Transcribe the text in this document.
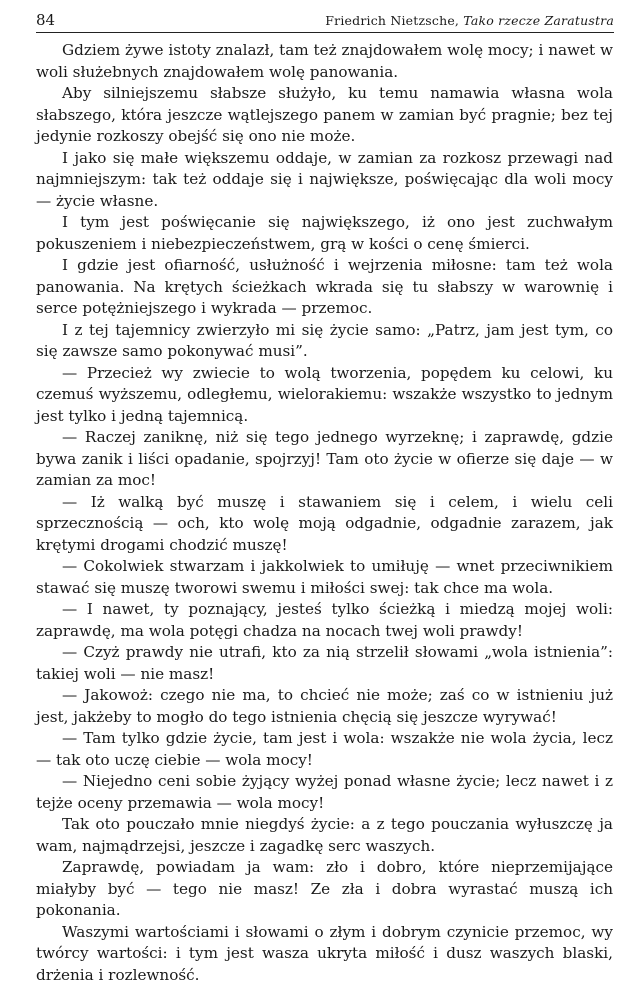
84	Friedrich Nietzsche, Tako rzecze Zaratustra

Gdziem żywe istoty znalazł, tam też znajdowałem wolę mocy; i nawet w woli służebnych znajdowałem wolę panowania.

Aby silniejszemu słabsze służyło, ku temu namawia własna wola słabszego, która jeszcze wątlejszego panem w zamian być pragnie; bez tej jedynie rozkoszy obejść się ono nie może.

I jako się małe większemu oddaje, w zamian za rozkosz przewagi nad najmniejszym: tak też oddaje się i największe, poświęcając dla woli mocy — życie własne.

I tym jest poświęcanie się największego, iż ono jest zuchwałym pokuszeniem i niebezpieczeństwem, grą w kości o cenę śmierci.

I gdzie jest ofiarność, usłużność i wejrzenia miłosne: tam też wola panowania. Na krętych ścieżkach wkrada się tu słabszy w warownię i serce potężniejszego i wykrada — przemoc.

I z tej tajemnicy zwierzyło mi się życie samo: „Patrz, jam jest tym, co się zawsze samo pokonywać musi”.

— Przecież wy zwiecie to wolą tworzenia, popędem ku celowi, ku czemuś wyższemu, odległemu, wielorakiemu: wszakże wszystko to jednym jest tylko i jedną tajemnicą.

— Raczej zaniknę, niż się tego jednego wyrzeknę; i zaprawdę, gdzie bywa zanik i liści opadanie, spojrzyj! Tam oto życie w ofierze się daje — w zamian za moc!

— Iż walką być muszę i stawaniem się i celem, i wielu celi sprzecznością — och, kto wolę moją odgadnie, odgadnie zarazem, jak krętymi drogami chodzić muszę!

— Cokolwiek stwarzam i jakkolwiek to umiłuję — wnet przeciwnikiem stawać się muszę tworowi swemu i miłości swej: tak chce ma wola.

— I nawet, ty poznający, jesteś tylko ścieżką i miedzą mojej woli: zaprawdę, ma wola potęgi chadza na nocach twej woli prawdy!

— Czyż prawdy nie utrafi, kto za nią strzelił słowami „wola istnienia”: takiej woli — nie masz!

— Jakowoż: czego nie ma, to chcieć nie może; zaś co w istnieniu już jest, jakżeby to mogło do tego istnienia chęcią się jeszcze wyrywać!

— Tam tylko gdzie życie, tam jest i wola: wszakże nie wola życia, lecz — tak oto uczę ciebie — wola mocy!

— Niejedno ceni sobie żyjący wyżej ponad własne życie; lecz nawet i z tejże oceny przemawia — wola mocy!

Tak oto pouczało mnie niegdyś życie: a z tego pouczania wyłuszczę ja wam, najmądrzejsi, jeszcze i zagadkę serc waszych.

Zaprawdę, powiadam ja wam: zło i dobro, które nieprzemijające miałyby być — tego nie masz! Ze zła i dobra wyrastać muszą ich pokonania.

Waszymi wartościami i słowami o złym i dobrym czynicie przemoc, wy twórcy wartości: i tym jest wasza ukryta miłość i dusz waszych blaski, drżenia i rozlewność.
